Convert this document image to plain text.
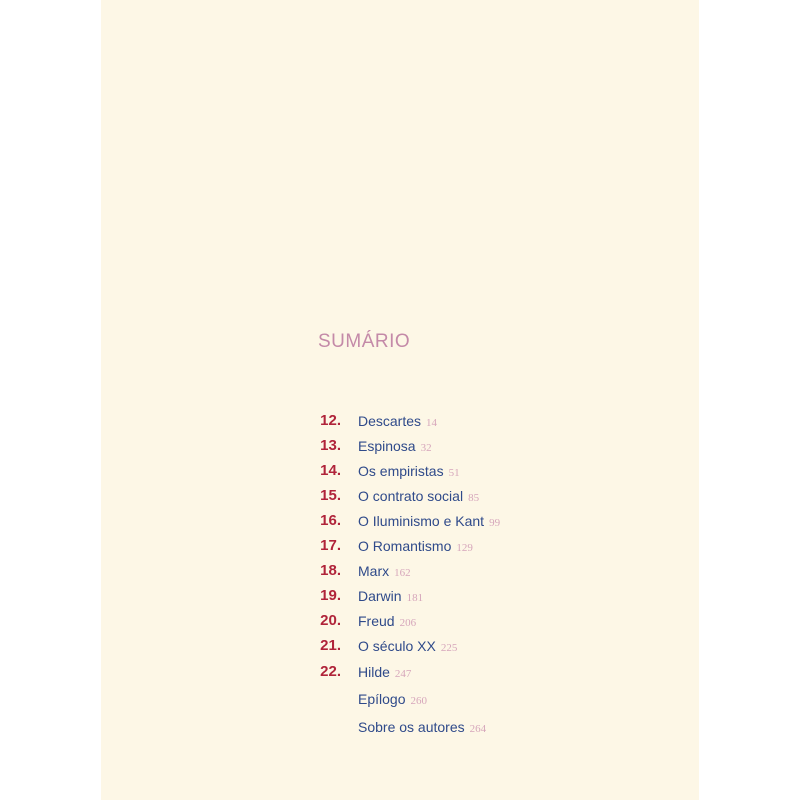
SUMÁRIO
12. Descartes 14
13. Espinosa 32
14. Os empiristas 51
15. O contrato social 85
16. O Iluminismo e Kant 99
17. O Romantismo 129
18. Marx 162
19. Darwin 181
20. Freud 206
21. O século XX 225
22. Hilde 247
Epílogo 260
Sobre os autores 264
